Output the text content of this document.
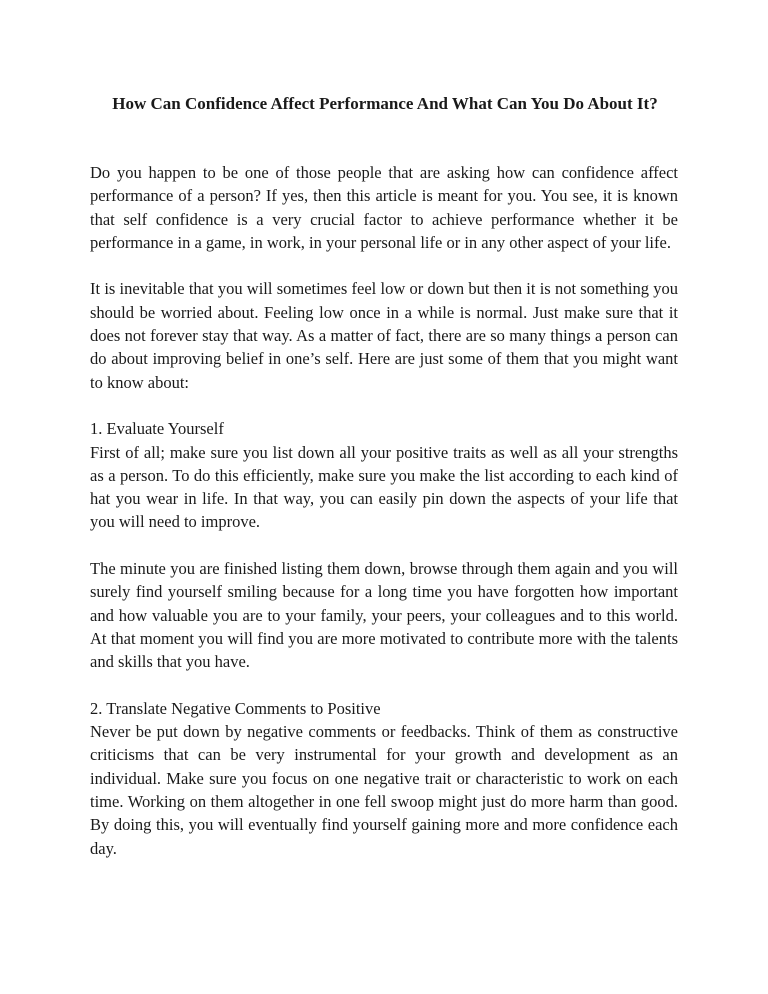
How Can Confidence Affect Performance And What Can You Do About It?

Do you happen to be one of those people that are asking how can confidence affect performance of a person? If yes, then this article is meant for you. You see, it is known that self confidence is a very crucial factor to achieve performance whether it be performance in a game, in work, in your personal life or in any other aspect of your life.

It is inevitable that you will sometimes feel low or down but then it is not something you should be worried about. Feeling low once in a while is normal. Just make sure that it does not forever stay that way. As a matter of fact, there are so many things a person can do about improving belief in one’s self. Here are just some of them that you might want to know about:

1. Evaluate Yourself

First of all; make sure you list down all your positive traits as well as all your strengths as a person. To do this efficiently, make sure you make the list according to each kind of hat you wear in life. In that way, you can easily pin down the aspects of your life that you will need to improve.

The minute you are finished listing them down, browse through them again and you will surely find yourself smiling because for a long time you have forgotten how important and how valuable you are to your family, your peers, your colleagues and to this world. At that moment you will find you are more motivated to contribute more with the talents and skills that you have.

2. Translate Negative Comments to Positive

Never be put down by negative comments or feedbacks. Think of them as constructive criticisms that can be very instrumental for your growth and development as an individual. Make sure you focus on one negative trait or characteristic to work on each time. Working on them altogether in one fell swoop might just do more harm than good. By doing this, you will eventually find yourself gaining more and more confidence each day.
